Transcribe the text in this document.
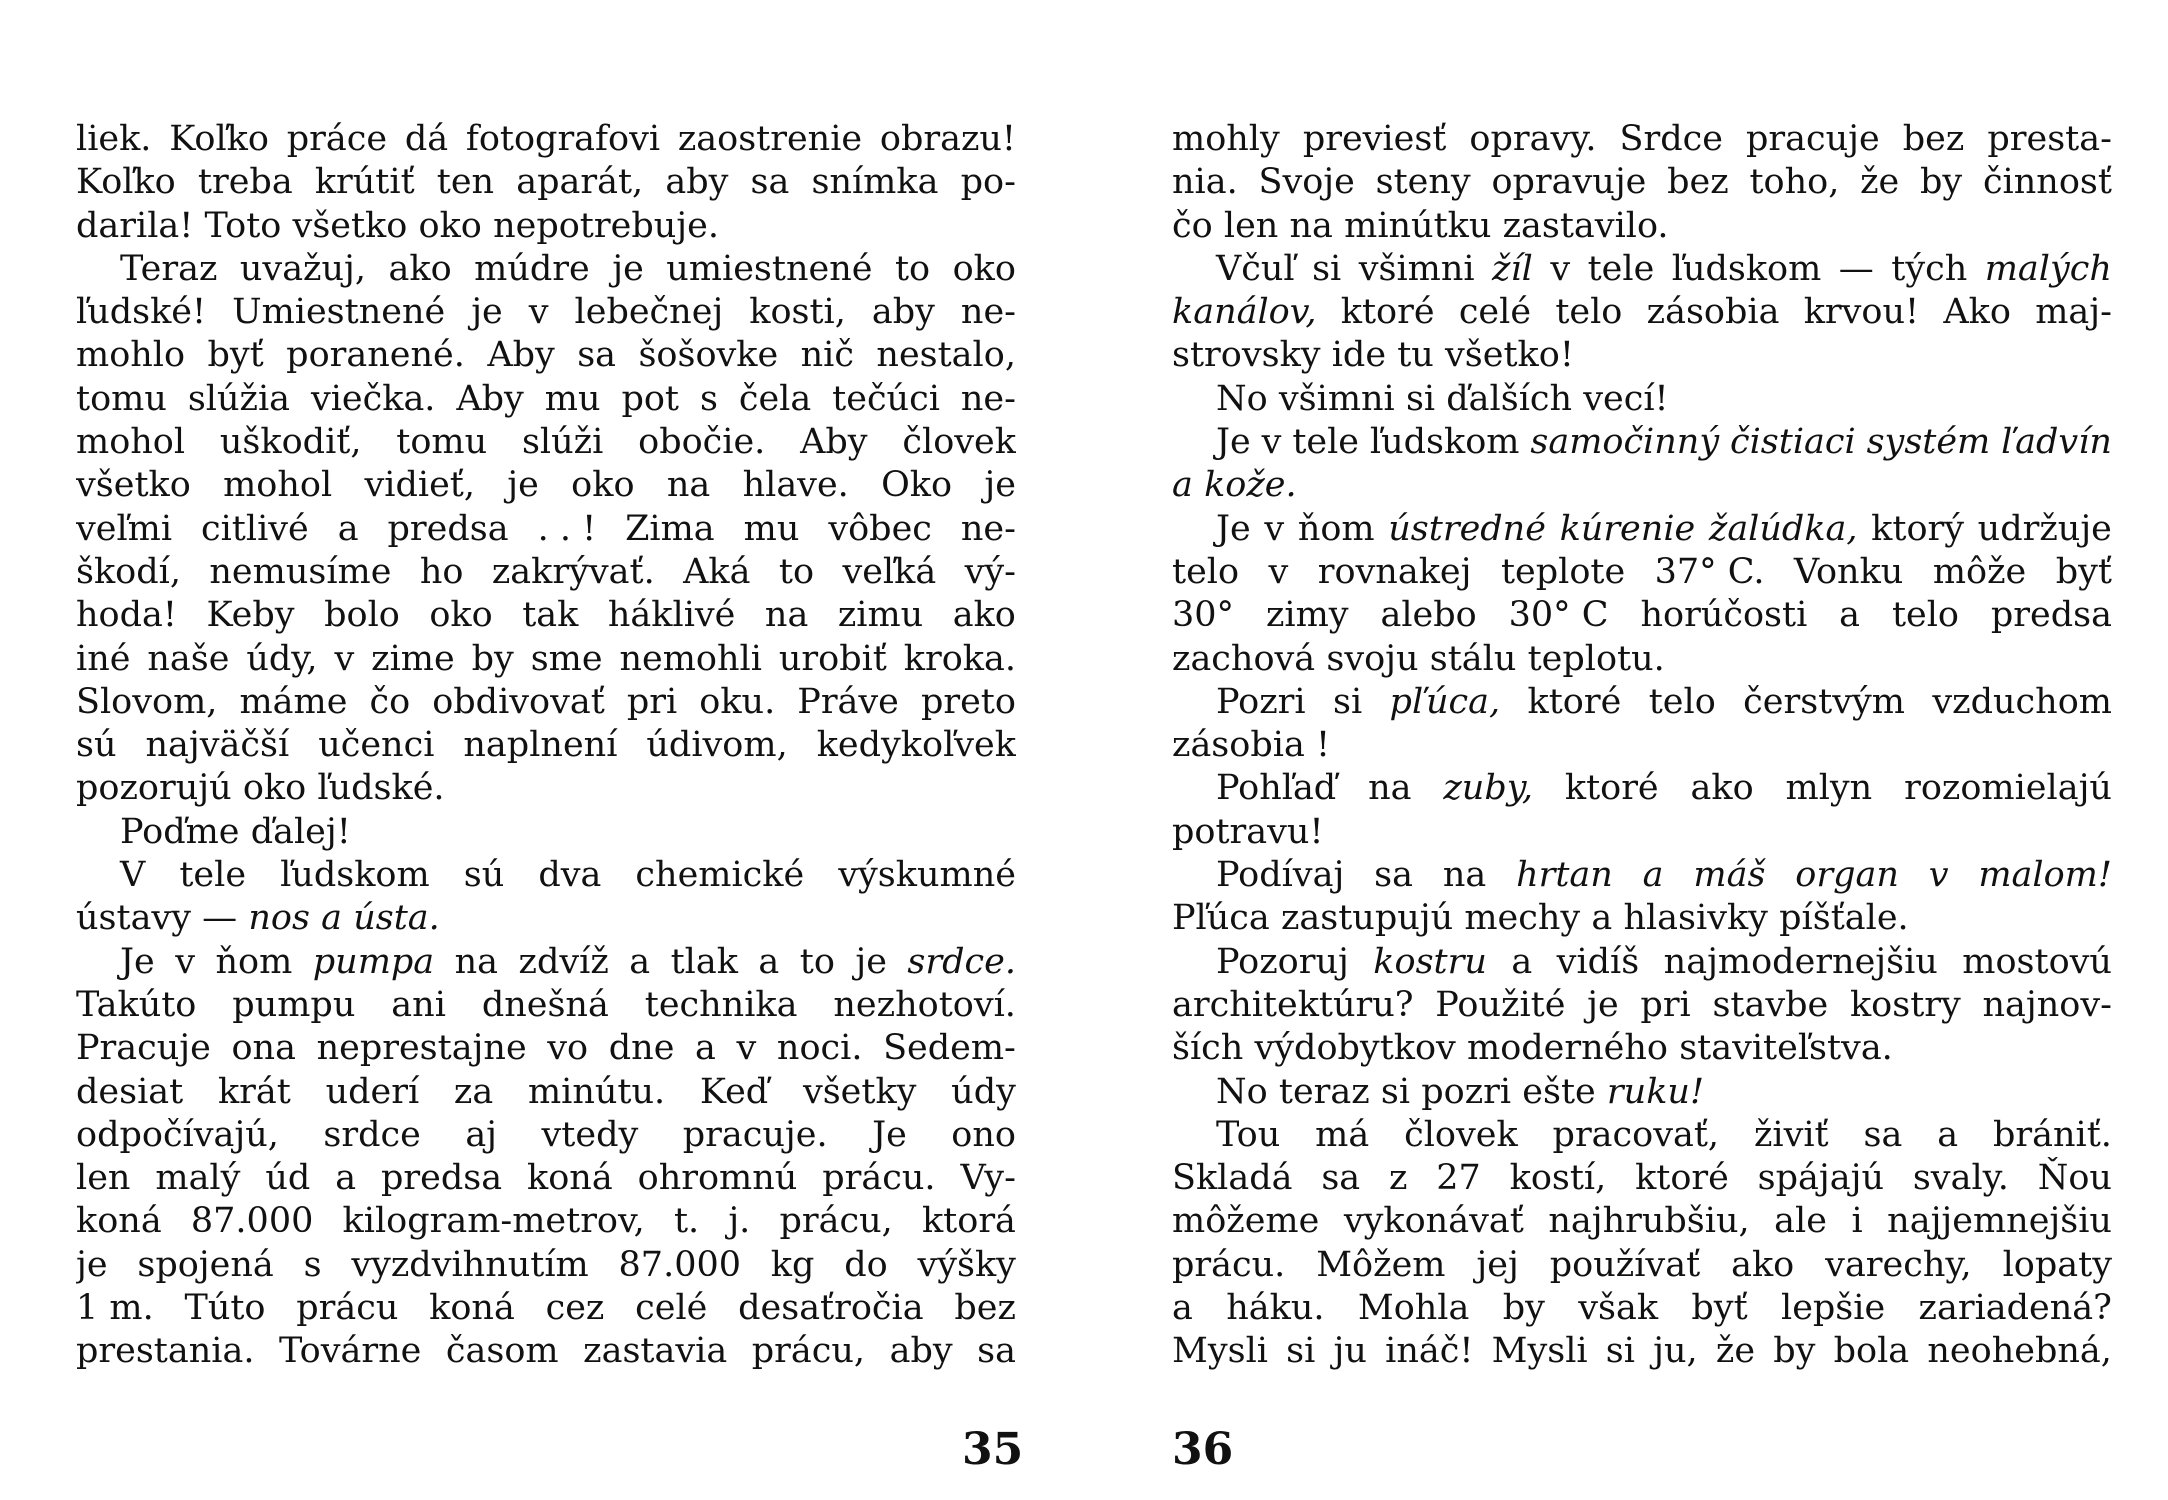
liek. Koľko práce dá fotografovi zaostrenie obrazu!
Koľko treba krútiť ten aparát, aby sa snímka po-
darila! Toto všetko oko nepotrebuje.
Teraz uvažuj, ako múdre je umiestnené to oko
ľudské! Umiestnené je v lebečnej kosti, aby ne-
mohlo byť poranené. Aby sa šošovke nič nestalo,
tomu slúžia viečka. Aby mu pot s čela tečúci ne-
mohol uškodiť, tomu slúži obočie. Aby človek
všetko mohol vidieť, je oko na hlave. Oko je
veľmi citlivé a predsa . . ! Zima mu vôbec ne-
škodí, nemusíme ho zakrývať. Aká to veľká vý-
hoda! Keby bolo oko tak háklivé na zimu ako
iné naše údy, v zime by sme nemohli urobiť kroka.
Slovom, máme čo obdivovať pri oku. Práve preto
sú najväčší učenci naplnení údivom, kedykoľvek
pozorujú oko ľudské.
Poďme ďalej!
V tele ľudskom sú dva chemické výskumné
ústavy — nos a ústa.
Je v ňom pumpa na zdvíž a tlak a to je srdce.
Takúto pumpu ani dnešná technika nezhotoví.
Pracuje ona neprestajne vo dne a v noci. Sedem-
desiat krát uderí za minútu. Keď všetky údy
odpočívajú, srdce aj vtedy pracuje. Je ono
len malý úd a predsa koná ohromnú prácu. Vy-
koná 87.000 kilogram-metrov, t. j. prácu, ktorá
je spojená s vyzdvihnutím 87.000 kg do výšky
1 m. Túto prácu koná cez celé desaťročia bez
prestania. Továrne časom zastavia prácu, aby sa
mohly previesť opravy. Srdce pracuje bez presta-
nia. Svoje steny opravuje bez toho, že by činnosť
čo len na minútku zastavilo.
Včuľ si všimni žíl v tele ľudskom — tých malých
kanálov, ktoré celé telo zásobia krvou! Ako maj-
strovsky ide tu všetko!
No všimni si ďalších vecí!
Je v tele ľudskom samočinný čistiaci systém ľadvín
a kože.
Je v ňom ústredné kúrenie žalúdka, ktorý udržuje
telo v rovnakej teplote 37° C. Vonku môže byť
30° zimy alebo 30° C horúčosti a telo predsa
zachová svoju stálu teplotu.
Pozri si pľúca, ktoré telo čerstvým vzduchom
zásobia !
Pohľaď na zuby, ktoré ako mlyn rozomielajú
potravu!
Podívaj sa na hrtan a máš organ v malom!
Pľúca zastupujú mechy a hlasivky píšťale.
Pozoruj kostru a vidíš najmodernejšiu mostovú
architektúru? Použité je pri stavbe kostry najnov-
ších výdobytkov moderného staviteľstva.
No teraz si pozri ešte ruku!
Tou má človek pracovať, živiť sa a brániť.
Skladá sa z 27 kostí, ktoré spájajú svaly. Ňou
môžeme vykonávať najhrubšiu, ale i najjemnejšiu
prácu. Môžem jej používať ako varechy, lopaty
a háku. Mohla by však byť lepšie zariadená?
Mysli si ju ináč! Mysli si ju, že by bola neohebná,
35	36
